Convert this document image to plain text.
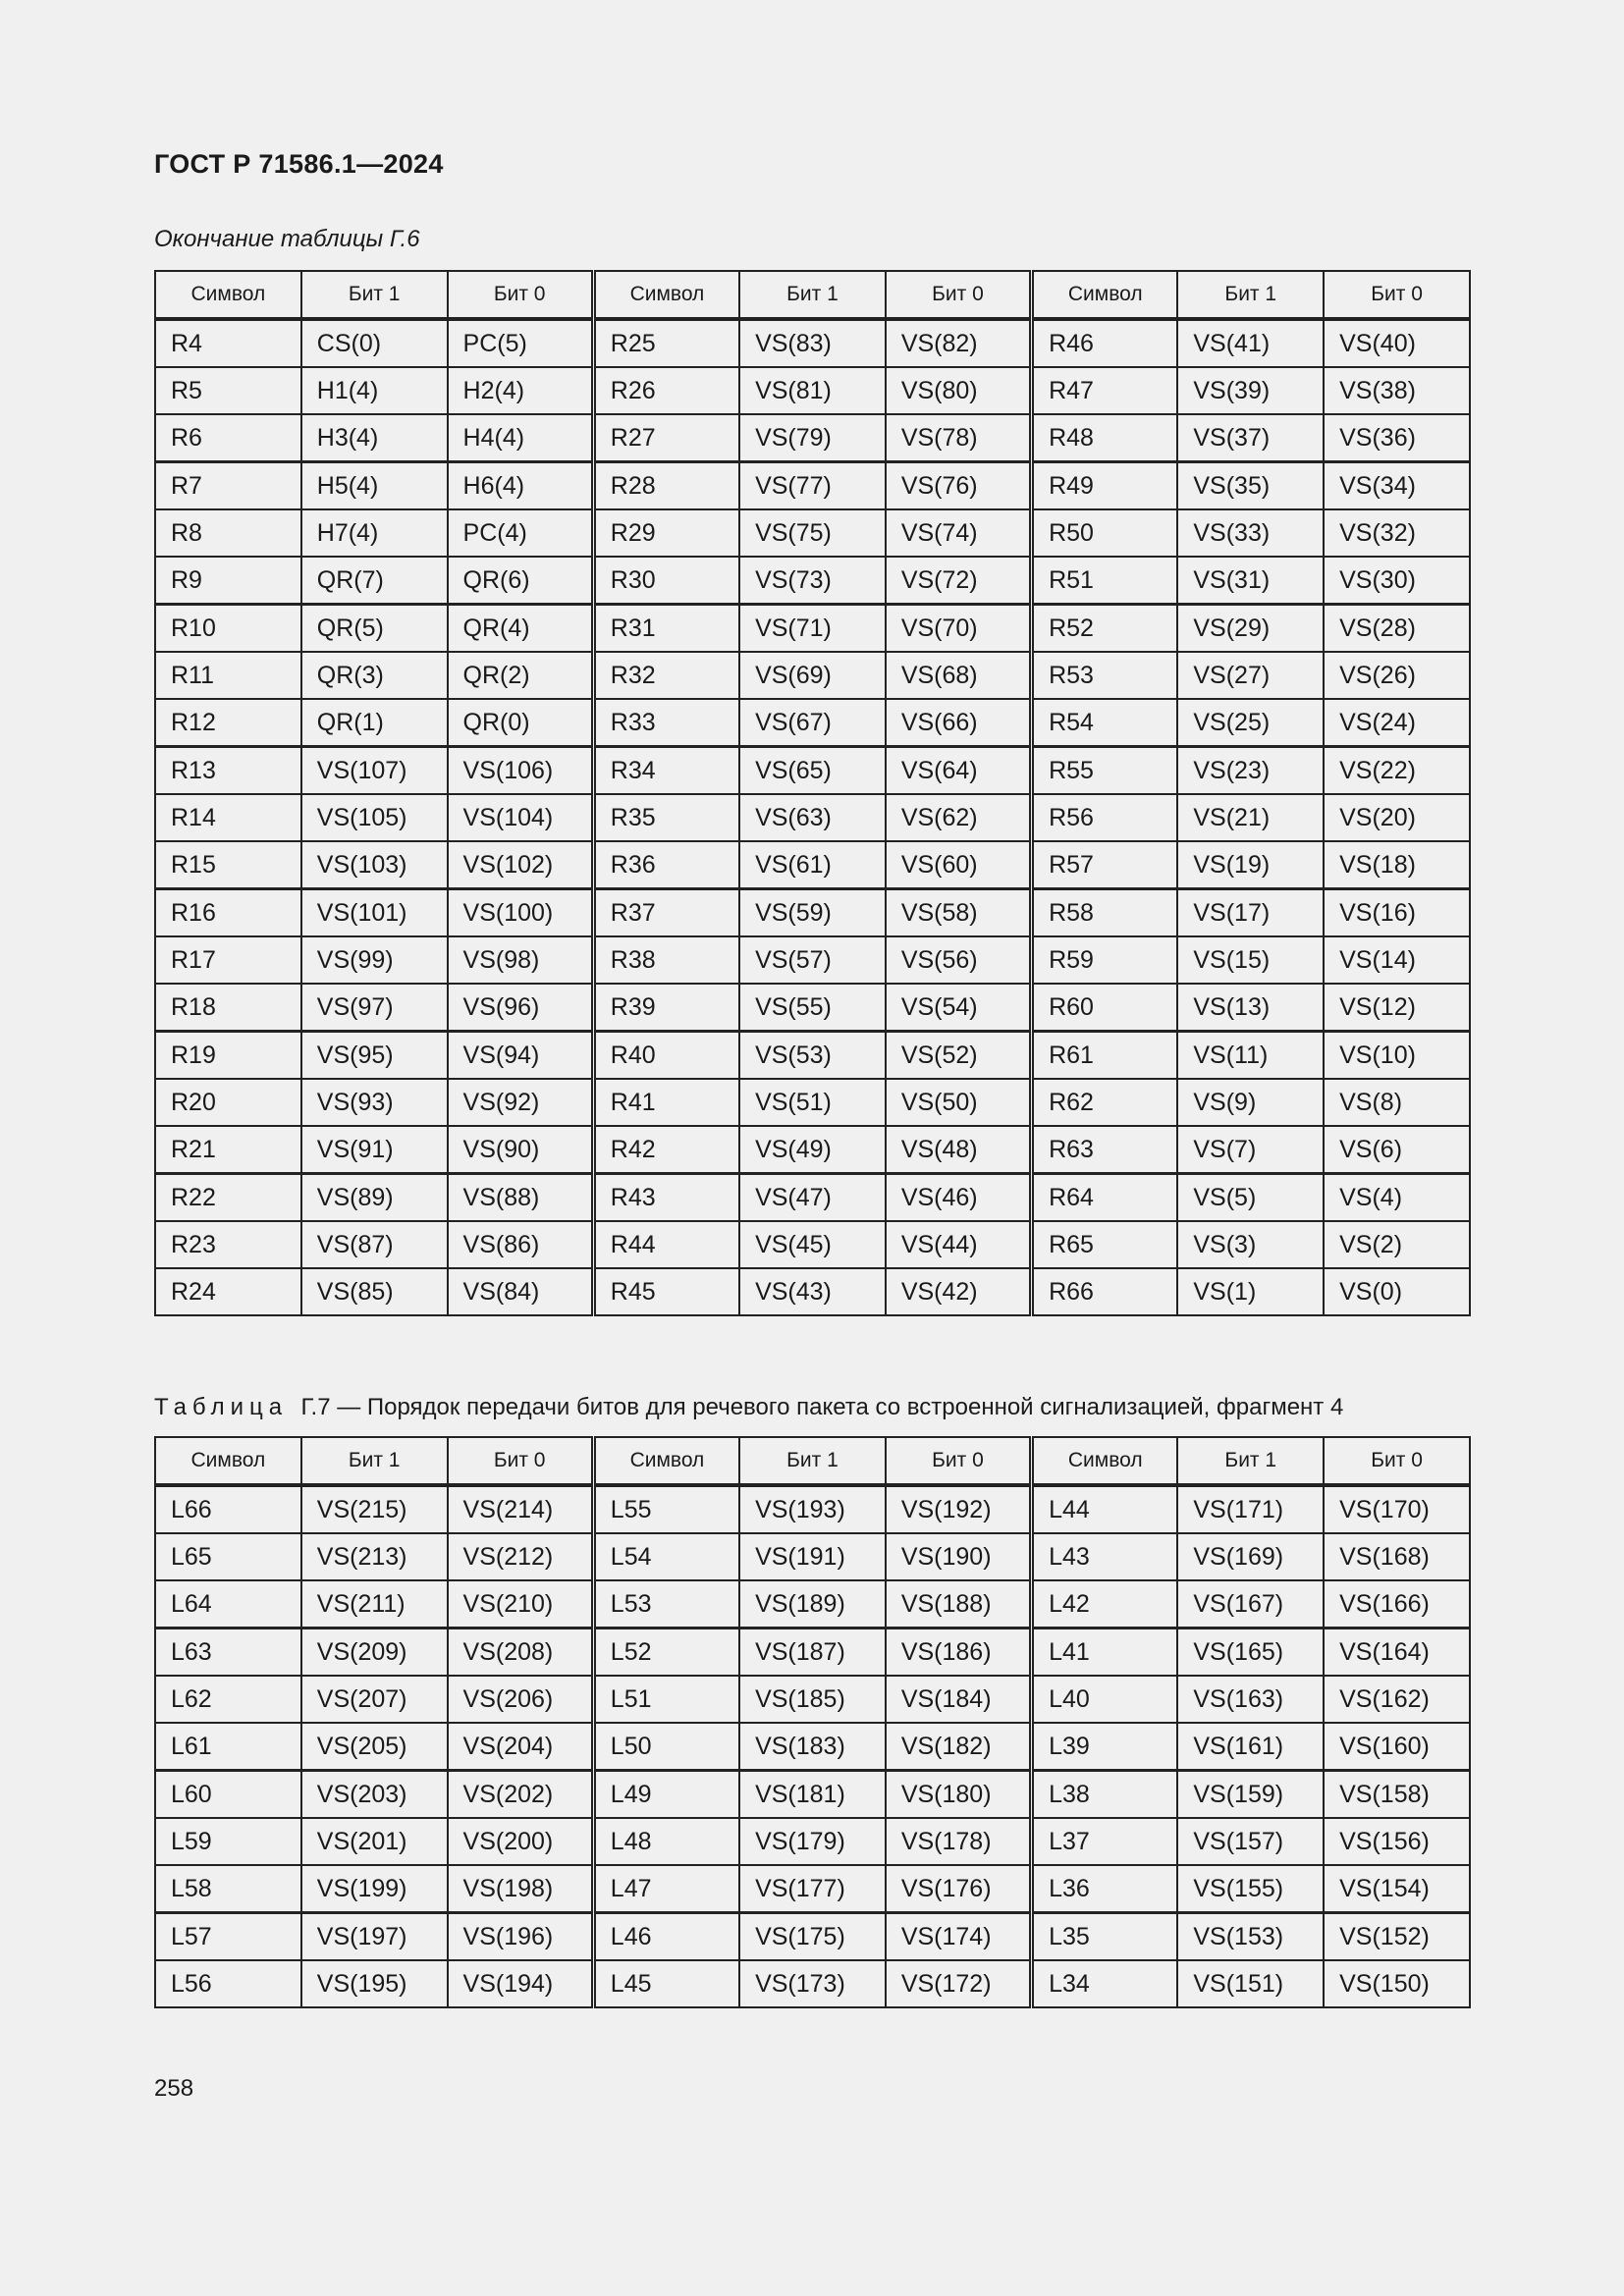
ГОСТ Р 71586.1—2024
Окончание таблицы Г.6
Символ	Бит 1	Бит 0	Символ	Бит 1	Бит 0	Символ	Бит 1	Бит 0
R4	CS(0)	PC(5)	R25	VS(83)	VS(82)	R46	VS(41)	VS(40)
R5	H1(4)	H2(4)	R26	VS(81)	VS(80)	R47	VS(39)	VS(38)
R6	H3(4)	H4(4)	R27	VS(79)	VS(78)	R48	VS(37)	VS(36)
R7	H5(4)	H6(4)	R28	VS(77)	VS(76)	R49	VS(35)	VS(34)
R8	H7(4)	PC(4)	R29	VS(75)	VS(74)	R50	VS(33)	VS(32)
R9	QR(7)	QR(6)	R30	VS(73)	VS(72)	R51	VS(31)	VS(30)
R10	QR(5)	QR(4)	R31	VS(71)	VS(70)	R52	VS(29)	VS(28)
R11	QR(3)	QR(2)	R32	VS(69)	VS(68)	R53	VS(27)	VS(26)
R12	QR(1)	QR(0)	R33	VS(67)	VS(66)	R54	VS(25)	VS(24)
R13	VS(107)	VS(106)	R34	VS(65)	VS(64)	R55	VS(23)	VS(22)
R14	VS(105)	VS(104)	R35	VS(63)	VS(62)	R56	VS(21)	VS(20)
R15	VS(103)	VS(102)	R36	VS(61)	VS(60)	R57	VS(19)	VS(18)
R16	VS(101)	VS(100)	R37	VS(59)	VS(58)	R58	VS(17)	VS(16)
R17	VS(99)	VS(98)	R38	VS(57)	VS(56)	R59	VS(15)	VS(14)
R18	VS(97)	VS(96)	R39	VS(55)	VS(54)	R60	VS(13)	VS(12)
R19	VS(95)	VS(94)	R40	VS(53)	VS(52)	R61	VS(11)	VS(10)
R20	VS(93)	VS(92)	R41	VS(51)	VS(50)	R62	VS(9)	VS(8)
R21	VS(91)	VS(90)	R42	VS(49)	VS(48)	R63	VS(7)	VS(6)
R22	VS(89)	VS(88)	R43	VS(47)	VS(46)	R64	VS(5)	VS(4)
R23	VS(87)	VS(86)	R44	VS(45)	VS(44)	R65	VS(3)	VS(2)
R24	VS(85)	VS(84)	R45	VS(43)	VS(42)	R66	VS(1)	VS(0)
Таблица Г.7 — Порядок передачи битов для речевого пакета со встроенной сигнализацией, фрагмент 4
Символ	Бит 1	Бит 0	Символ	Бит 1	Бит 0	Символ	Бит 1	Бит 0
L66	VS(215)	VS(214)	L55	VS(193)	VS(192)	L44	VS(171)	VS(170)
L65	VS(213)	VS(212)	L54	VS(191)	VS(190)	L43	VS(169)	VS(168)
L64	VS(211)	VS(210)	L53	VS(189)	VS(188)	L42	VS(167)	VS(166)
L63	VS(209)	VS(208)	L52	VS(187)	VS(186)	L41	VS(165)	VS(164)
L62	VS(207)	VS(206)	L51	VS(185)	VS(184)	L40	VS(163)	VS(162)
L61	VS(205)	VS(204)	L50	VS(183)	VS(182)	L39	VS(161)	VS(160)
L60	VS(203)	VS(202)	L49	VS(181)	VS(180)	L38	VS(159)	VS(158)
L59	VS(201)	VS(200)	L48	VS(179)	VS(178)	L37	VS(157)	VS(156)
L58	VS(199)	VS(198)	L47	VS(177)	VS(176)	L36	VS(155)	VS(154)
L57	VS(197)	VS(196)	L46	VS(175)	VS(174)	L35	VS(153)	VS(152)
L56	VS(195)	VS(194)	L45	VS(173)	VS(172)	L34	VS(151)	VS(150)
258
